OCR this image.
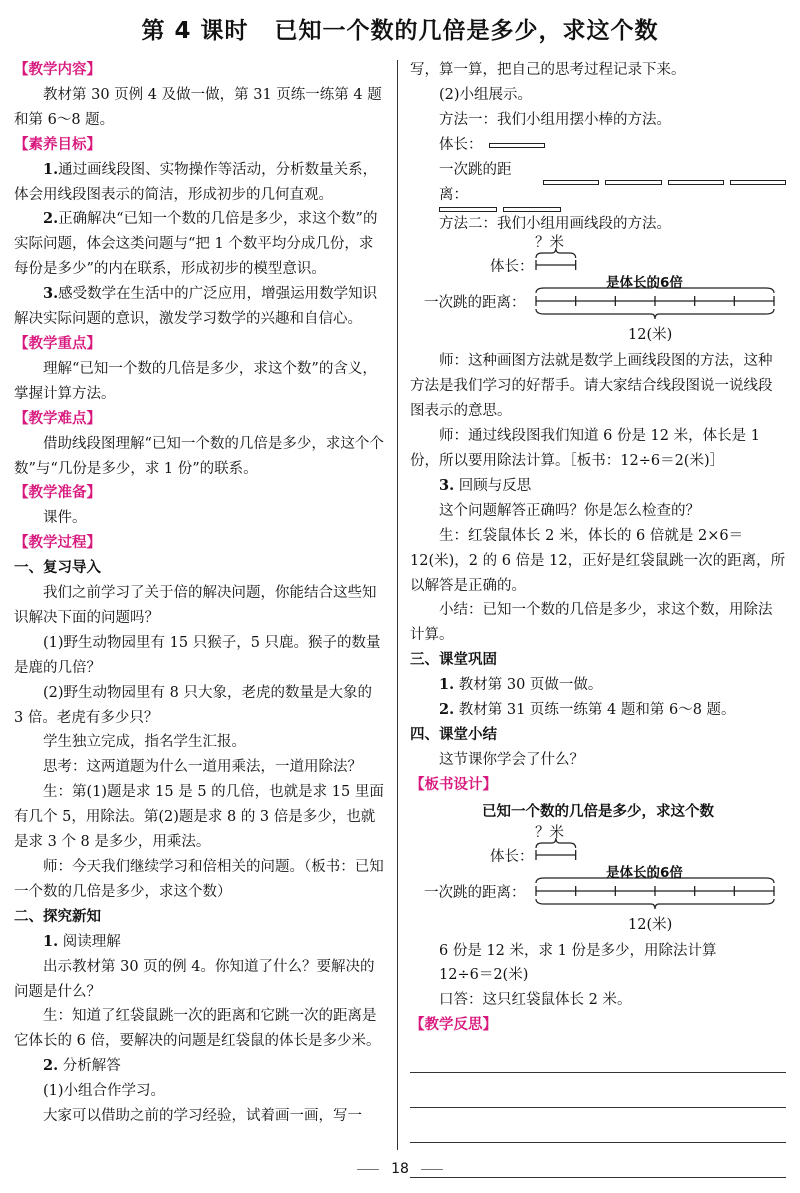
第 4 课时 已知一个数的几倍是多少，求这个数
【教学内容】

教材第 30 页例 4 及做一做，第 31 页练一练第 4 题和第 6～8 题。

【素养目标】

1.通过画线段图、实物操作等活动，分析数量关系，体会用线段图表示的简洁，形成初步的几何直观。

2.正确解决“已知一个数的几倍是多少，求这个数”的实际问题，体会这类问题与“把 1 个数平均分成几份，求每份是多少”的内在联系，形成初步的模型意识。

3.感受数学在生活中的广泛应用，增强运用数学知识解决实际问题的意识，激发学习数学的兴趣和自信心。

【教学重点】

理解“已知一个数的几倍是多少，求这个数”的含义，掌握计算方法。

【教学难点】

借助线段图理解“已知一个数的几倍是多少，求这个个数”与“几份是多少，求 1 份”的联系。

【教学准备】

课件。

【教学过程】
一、复习导入

我们之前学习了关于倍的解决问题，你能结合这些知识解决下面的问题吗？

(1)野生动物园里有 15 只猴子，5 只鹿。猴子的数量是鹿的几倍？

(2)野生动物园里有 8 只大象，老虎的数量是大象的 3 倍。老虎有多少只？

学生独立完成，指名学生汇报。

思考：这两道题为什么一道用乘法，一道用除法？

生：第(1)题是求 15 是 5 的几倍，也就是求 15 里面有几个 5，用除法。第(2)题是求 8 的 3 倍是多少，也就是求 3 个 8 是多少，用乘法。

师：今天我们继续学习和倍相关的问题。（板书：已知一个数的几倍是多少，求这个数）

二、探究新知

1. 阅读理解

出示教材第 30 页的例 4。你知道了什么？要解决的问题是什么？

生：知道了红袋鼠跳一次的距离和它跳一次的距离是它体长的 6 倍，要解决的问题是红袋鼠的体长是多少米。

2. 分析解答

(1)小组合作学习。

大家可以借助之前的学习经验，试着画一画，写一

写，算一算，把自己的思考过程记录下来。

(2)小组展示。

方法一：我们小组用摆小棒的方法。

体长：
一次跳的距离：

方法二：我们小组用画线段的方法。

？米
体长：
是体长的6倍
一次跳的距离：
12(米)

师：这种画图方法就是数学上画线段图的方法，这种方法是我们学习的好帮手。请大家结合线段图说一说线段图表示的意思。

师：通过线段图我们知道 6 份是 12 米，体长是 1 份，所以要用除法计算。［板书：12÷6＝2(米)］

3. 回顾与反思

这个问题解答正确吗？你是怎么检查的？

生：红袋鼠体长 2 米，体长的 6 倍就是 2×6＝12(米)，2 的 6 倍是 12，正好是红袋鼠跳一次的距离，所以解答是正确的。

小结：已知一个数的几倍是多少，求这个数，用除法计算。

三、课堂巩固

1. 教材第 30 页做一做。

2. 教材第 31 页练一练第 4 题和第 6～8 题。

四、课堂小结

这节课你学会了什么？

【板书设计】
已知一个数的几倍是多少，求这个数
？米
体长：
是体长的6倍
一次跳的距离：
12(米)

6 份是 12 米，求 1 份是多少，用除法计算

12÷6＝2(米)

口答：这只红袋鼠体长 2 米。

【教学反思】
18
